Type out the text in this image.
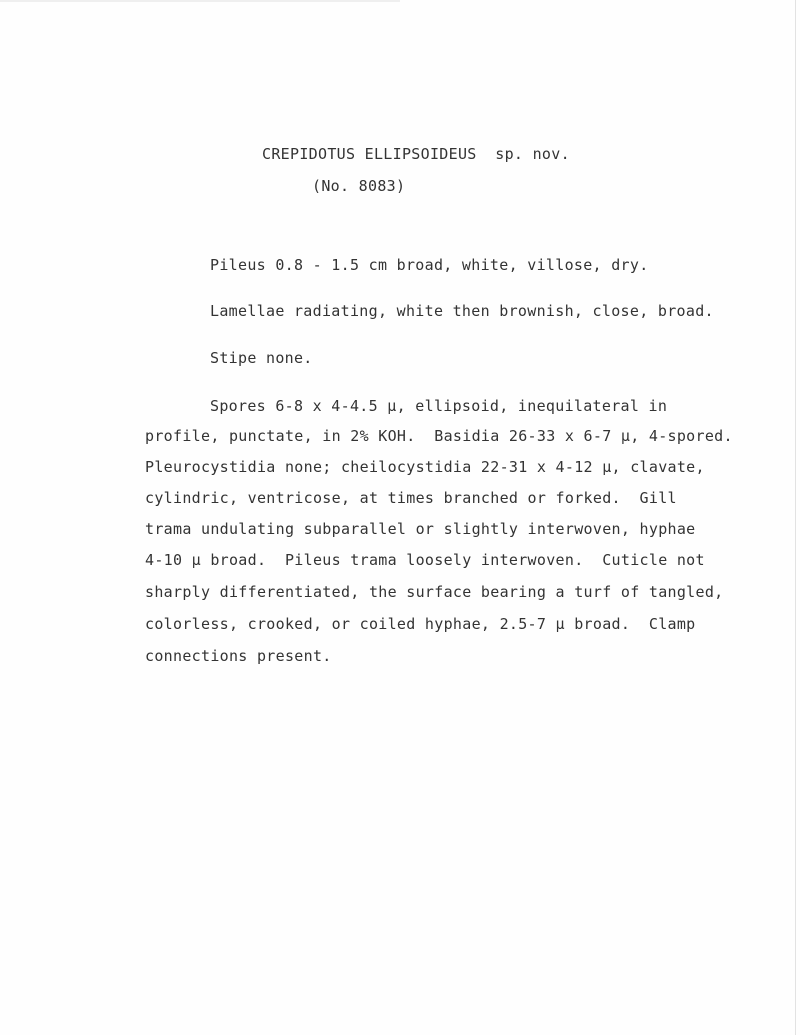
CREPIDOTUS ELLIPSOIDEUS  sp. nov.
(No. 8083)
Pileus 0.8 - 1.5 cm broad, white, villose, dry.
Lamellae radiating, white then brownish, close, broad.
Stipe none.
Spores 6-8 x 4-4.5 µ, ellipsoid, inequilateral in
profile, punctate, in 2% KOH.  Basidia 26-33 x 6-7 µ, 4-spored.
Pleurocystidia none; cheilocystidia 22-31 x 4-12 µ, clavate,
cylindric, ventricose, at times branched or forked.  Gill
trama undulating subparallel or slightly interwoven, hyphae
4-10 µ broad.  Pileus trama loosely interwoven.  Cuticle not
sharply differentiated, the surface bearing a turf of tangled,
colorless, crooked, or coiled hyphae, 2.5-7 µ broad.  Clamp
connections present.
